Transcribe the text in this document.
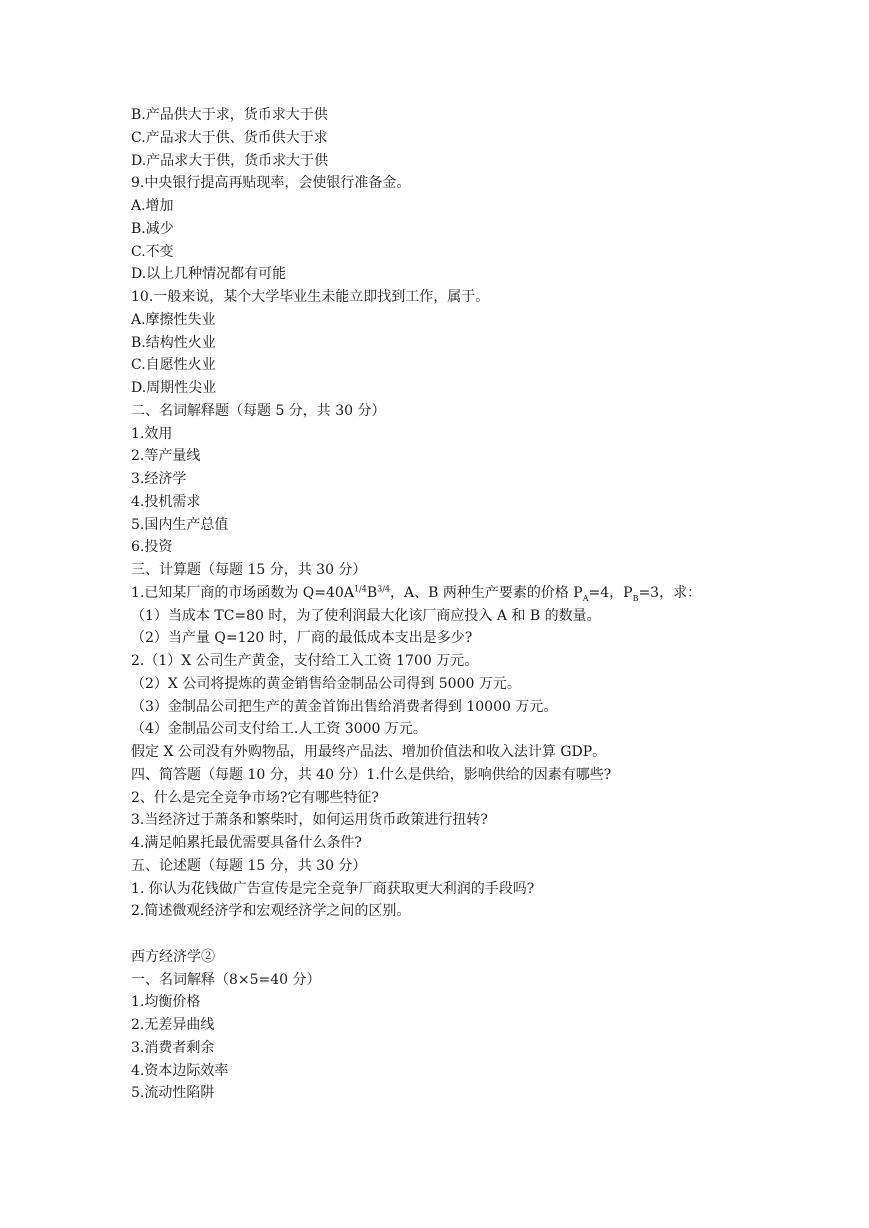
B.产品供大于求，货币求大于供
C.产品求大于供、货币供大于求
D.产品求大于供，货币求大于供
9.中央银行提高再贴现率，会使银行准备金。
A.增加
B.减少
C.不变
D.以上几种情况都有可能
10.一般来说，某个大学毕业生未能立即找到工作，属于。
A.摩擦性失业
B.结构性火业
C.自愿性火业
D.周期性尖业
二、名词解释题（每题 5 分，共 30 分）
1.效用
2.等产量线
3.经济学
4.投机需求
5.国内生产总值
6.投资
三、计算题（每题 15 分，共 30 分）
1.已知某厂商的市场函数为 $Q=40A^{1/4}B^{3/4}$，A、B 两种生产要素的价格 $P_A=4$，$P_B=3$，求：
（1）当成本 TC=80 时，为了使利润最大化该厂商应投入 A 和 B 的数量。
（2）当产量 Q=120 时，厂商的最低成本支出是多少?
2.（1）X 公司生产黄金，支付给工入工资 1700 万元。
（2）X 公司将提炼的黄金销售给金制品公司得到 5000 万元。
（3）金制品公司把生产的黄金首饰出售给消费者得到 10000 万元。
（4）金制品公司支付给工.人工资 3000 万元。
假定 X 公司没有外购物品，用最终产品法、增加价值法和收入法计算 GDP。
四、简答题（每题 10 分，共 40 分）1.什么是供给，影响供给的因素有哪些?
2、什么是完全竞争市场?它有哪些特征?
3.当经济过于萧条和繁柴时，如何运用货币政策进行扭转?
4.满足帕累托最优需要具备什么条件?
五、论述题（每题 15 分，共 30 分）
1. 你认为花钱做广告宣传是完全竞争厂商获取更大利润的手段吗?
2.简述微观经济学和宏观经济学之间的区别。
西方经济学②
一、名词解释（8×5=40 分）
1.均衡价格
2.无差异曲线
3.消费者剩余
4.资本边际效率
5.流动性陷阱
